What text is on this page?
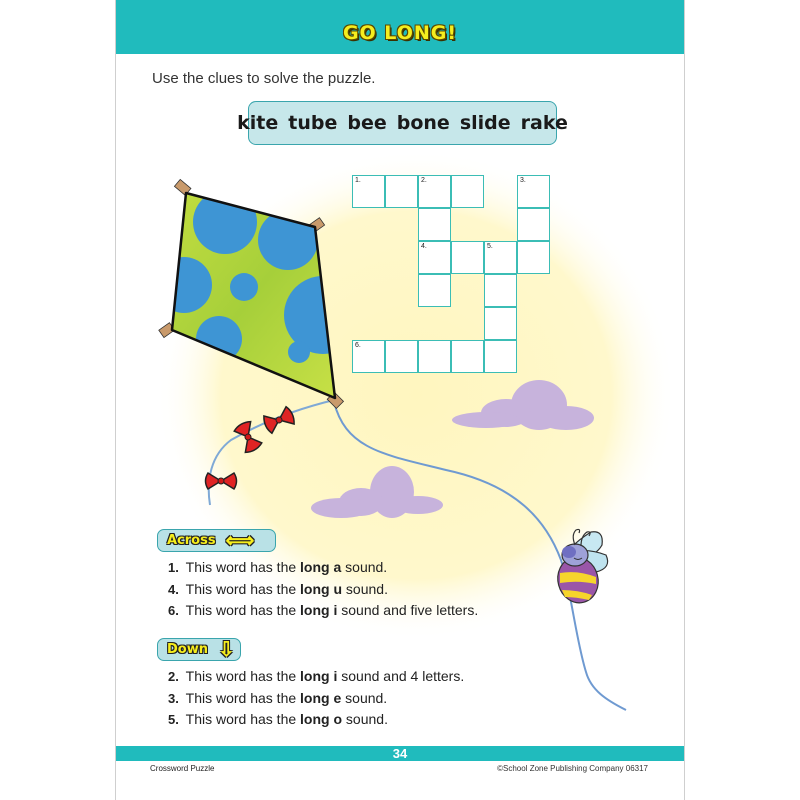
GO LONG!
Use the clues to solve the puzzle.
kite tube bee bone slide rake
1.	2.	3.
4.	5.
6.
Across ⟺
1. This word has the long a sound.
4. This word has the long u sound.
6. This word has the long i sound and five letters.
Down ⇩
2. This word has the long i sound and 4 letters.
3. This word has the long e sound.
5. This word has the long o sound.
34
Crossword Puzzle	©School Zone Publishing Company 06317
